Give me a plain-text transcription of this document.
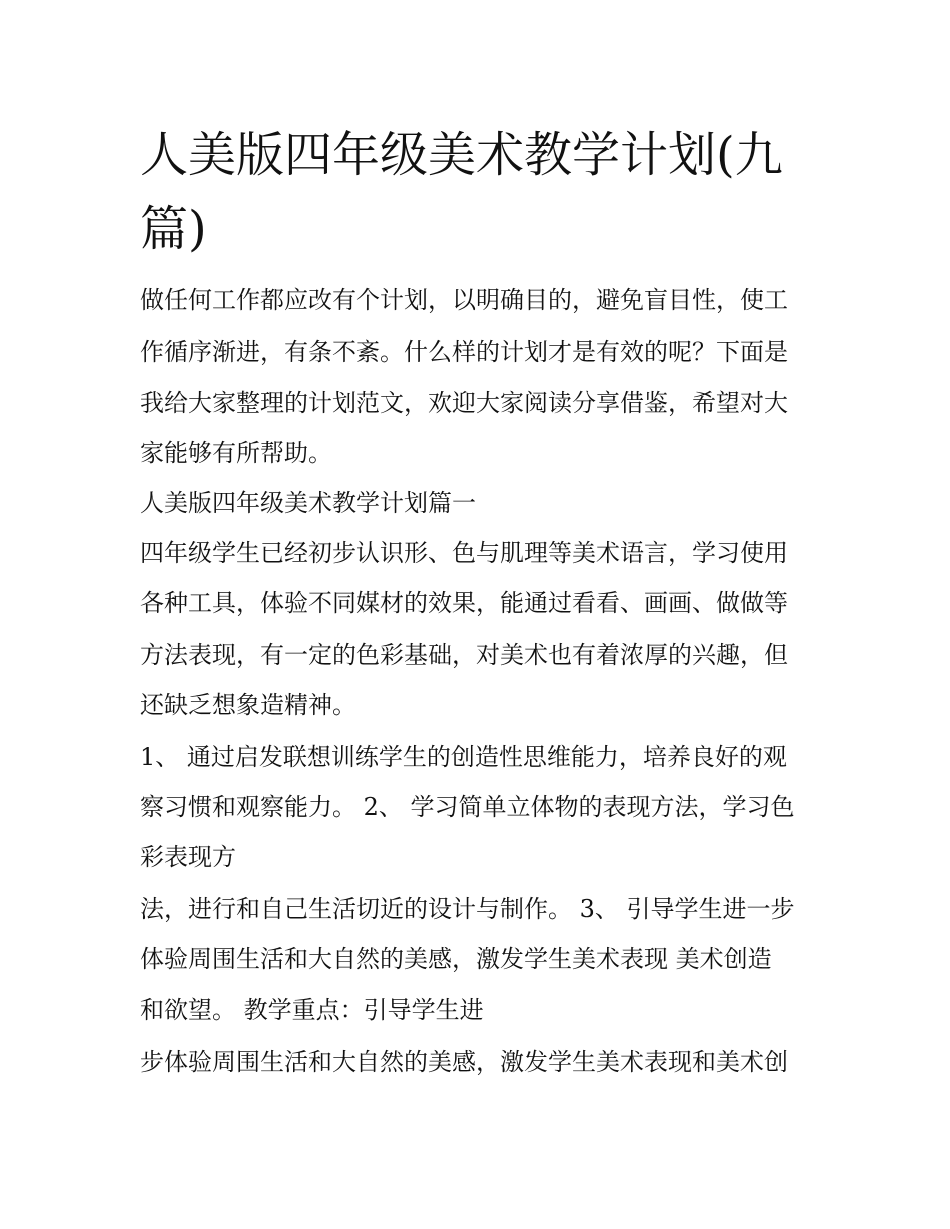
人美版四年级美术教学计划(九篇)

做任何工作都应改有个计划，以明确目的，避免盲目性，使工

作循序渐进，有条不紊。什么样的计划才是有效的呢？下面是

我给大家整理的计划范文，欢迎大家阅读分享借鉴，希望对大

家能够有所帮助。

人美版四年级美术教学计划篇一

四年级学生已经初步认识形、色与肌理等美术语言，学习使用

各种工具，体验不同媒材的效果，能通过看看、画画、做做等

方法表现，有一定的色彩基础，对美术也有着浓厚的兴趣，但

还缺乏想象造精神。

1、 通过启发联想训练学生的创造性思维能力，培养良好的观

察习惯和观察能力。 2、 学习简单立体物的表现方法，学习色

彩表现方

法，进行和自己生活切近的设计与制作。 3、 引导学生进一步

体验周围生活和大自然的美感，激发学生美术表现 美术创造

和欲望。 教学重点：引导学生进

步体验周围生活和大自然的美感，激发学生美术表现和美术创
